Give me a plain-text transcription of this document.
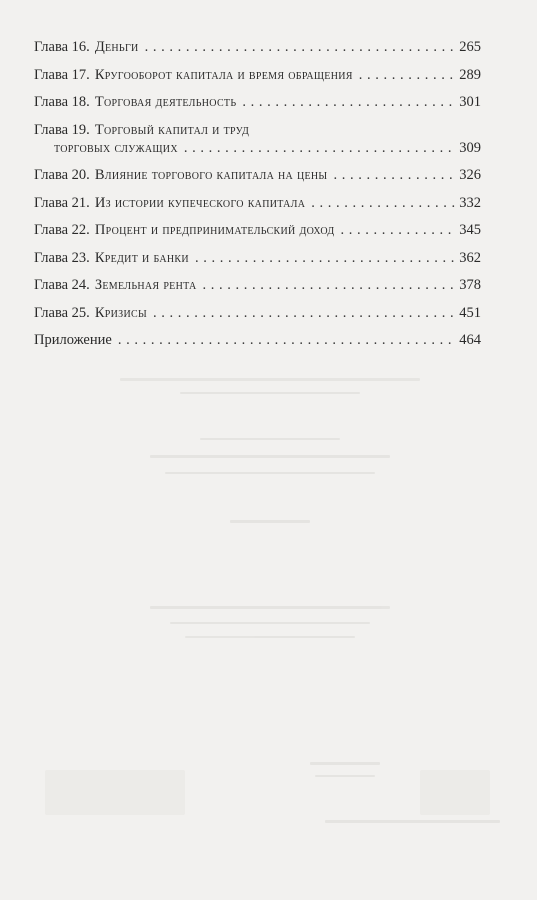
Глава 16. Деньги . . .	265
Глава 17. Кругооборот капитала и время обращения . . .	289
Глава 18. Торговая деятельность . . .	301
Глава 19. Торговый капитал и труд
торговых служащих . . .	309
Глава 20. Влияние торгового капитала на цены . . .	326
Глава 21. Из истории купеческого капитала . . .	332
Глава 22. Процент и предпринимательский доход . . .	345
Глава 23. Кредит и банки . . .	362
Глава 24. Земельная рента . . .	378
Глава 25. Кризисы . . .	451
Приложение . . .	464
